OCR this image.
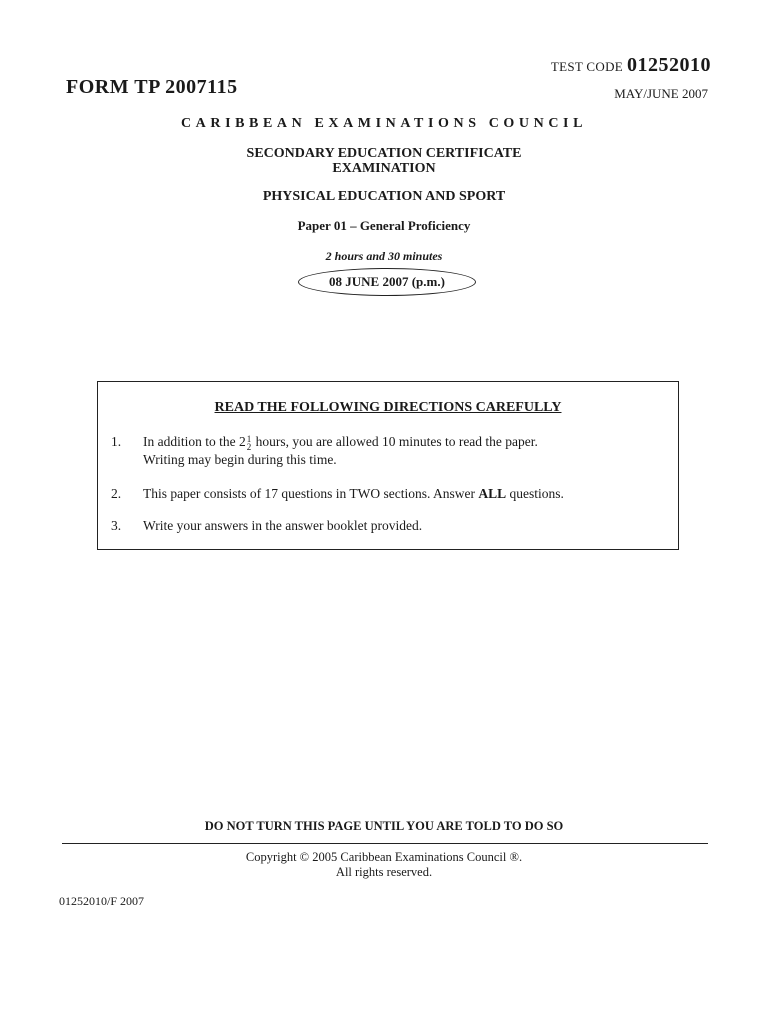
TEST CODE 01252010
FORM TP 2007115	MAY/JUNE 2007
CARIBBEAN EXAMINATIONS COUNCIL
SECONDARY EDUCATION CERTIFICATE
EXAMINATION
PHYSICAL EDUCATION AND SPORT
Paper 01 – General Proficiency
2 hours and 30 minutes
08 JUNE 2007 (p.m.)
READ THE FOLLOWING DIRECTIONS CAREFULLY
1. In addition to the 2 1
2 hours, you are allowed 10 minutes to read the paper.
Writing may begin during this time.
2. This paper consists of 17 questions in TWO sections. Answer ALL questions.
3. Write your answers in the answer booklet provided.
DO NOT TURN THIS PAGE UNTIL YOU ARE TOLD TO DO SO
Copyright © 2005 Caribbean Examinations Council ®.
All rights reserved.
01252010/F 2007
